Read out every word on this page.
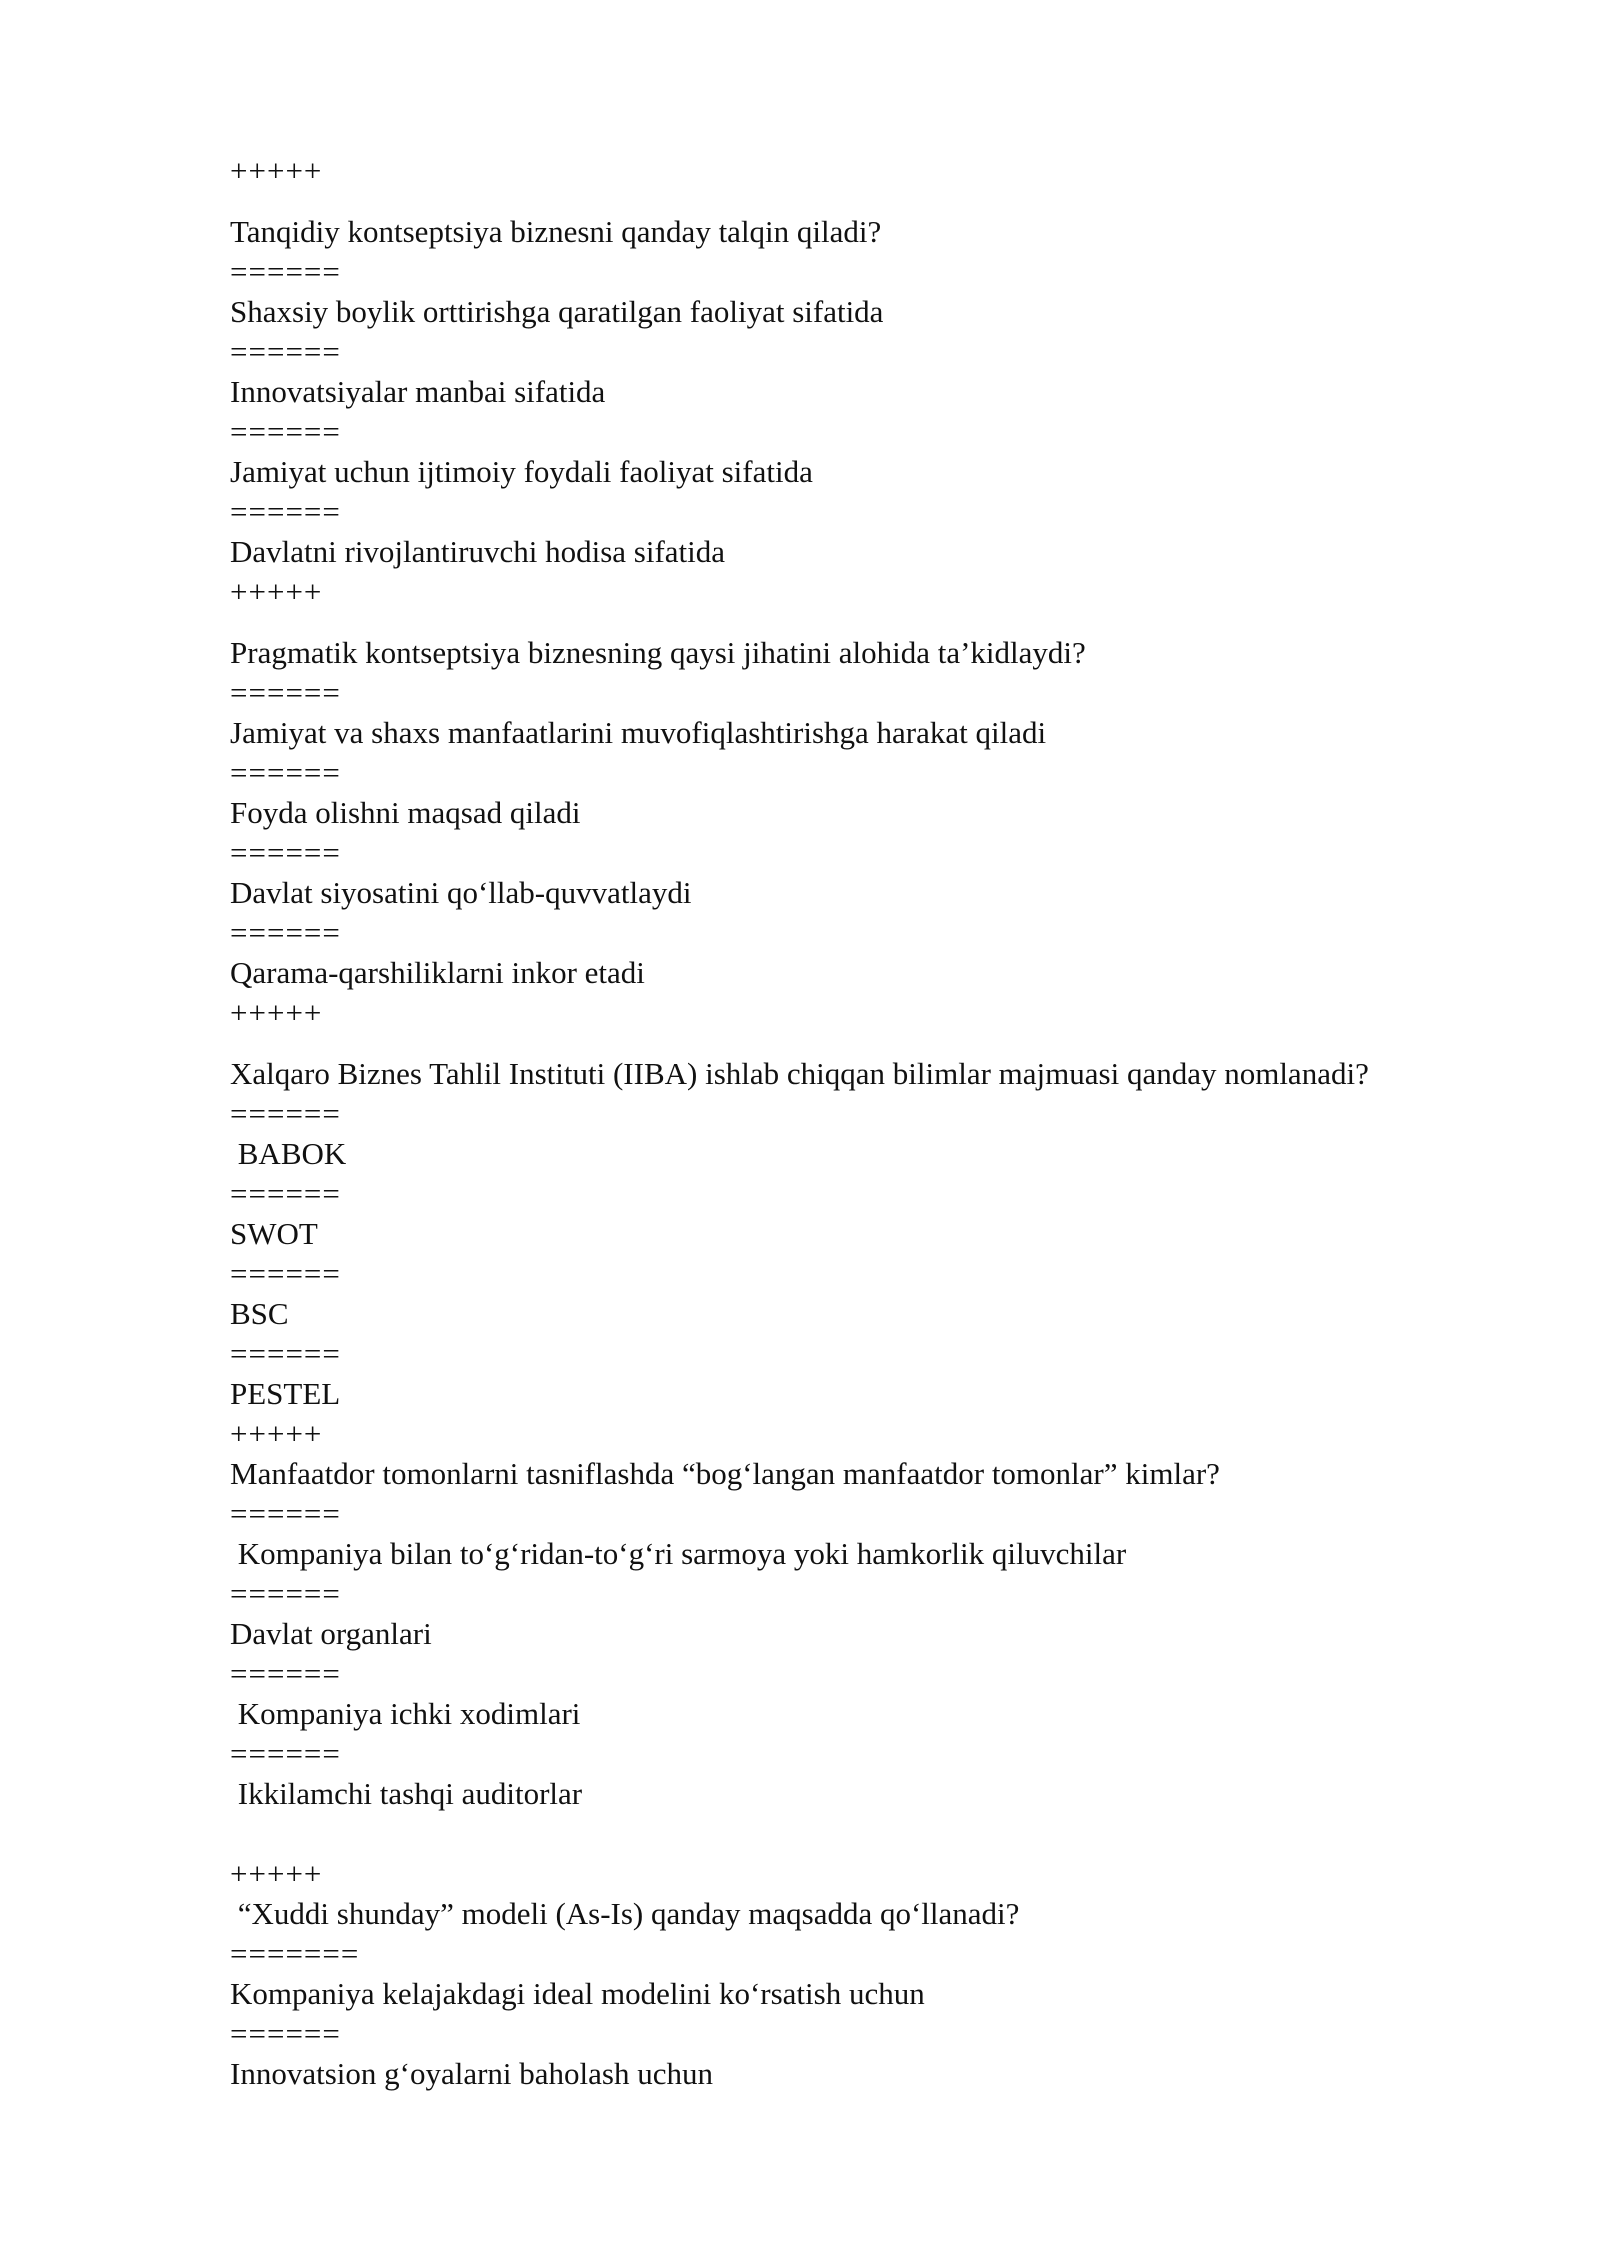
+++++
Tanqidiy kontseptsiya biznesni qanday talqin qiladi?
======
Shaxsiy boylik orttirishga qaratilgan faoliyat sifatida
======
Innovatsiyalar manbai sifatida
======
Jamiyat uchun ijtimoiy foydali faoliyat sifatida
======
Davlatni rivojlantiruvchi hodisa sifatida
+++++
Pragmatik kontseptsiya biznesning qaysi jihatini alohida ta’kidlaydi?
======
Jamiyat va shaxs manfaatlarini muvofiqlashtirishga harakat qiladi
======
Foyda olishni maqsad qiladi
======
Davlat siyosatini qo‘llab-quvvatlaydi
======
Qarama-qarshiliklarni inkor etadi
+++++
Xalqaro Biznes Tahlil Instituti (IIBA) ishlab chiqqan bilimlar majmuasi qanday nomlanadi?
======
BABOK
======
SWOT
======
BSC
======
PESTEL
+++++
Manfaatdor tomonlarni tasniflashda “bog‘langan manfaatdor tomonlar” kimlar?
======
Kompaniya bilan to‘g‘ridan-to‘g‘ri sarmoya yoki hamkorlik qiluvchilar
======
Davlat organlari
======
Kompaniya ichki xodimlari
======
Ikkilamchi tashqi auditorlar
+++++
“Xuddi shunday” modeli (As-Is) qanday maqsadda qo‘llanadi?
=======
Kompaniya kelajakdagi ideal modelini ko‘rsatish uchun
======
Innovatsion g‘oyalarni baholash uchun
